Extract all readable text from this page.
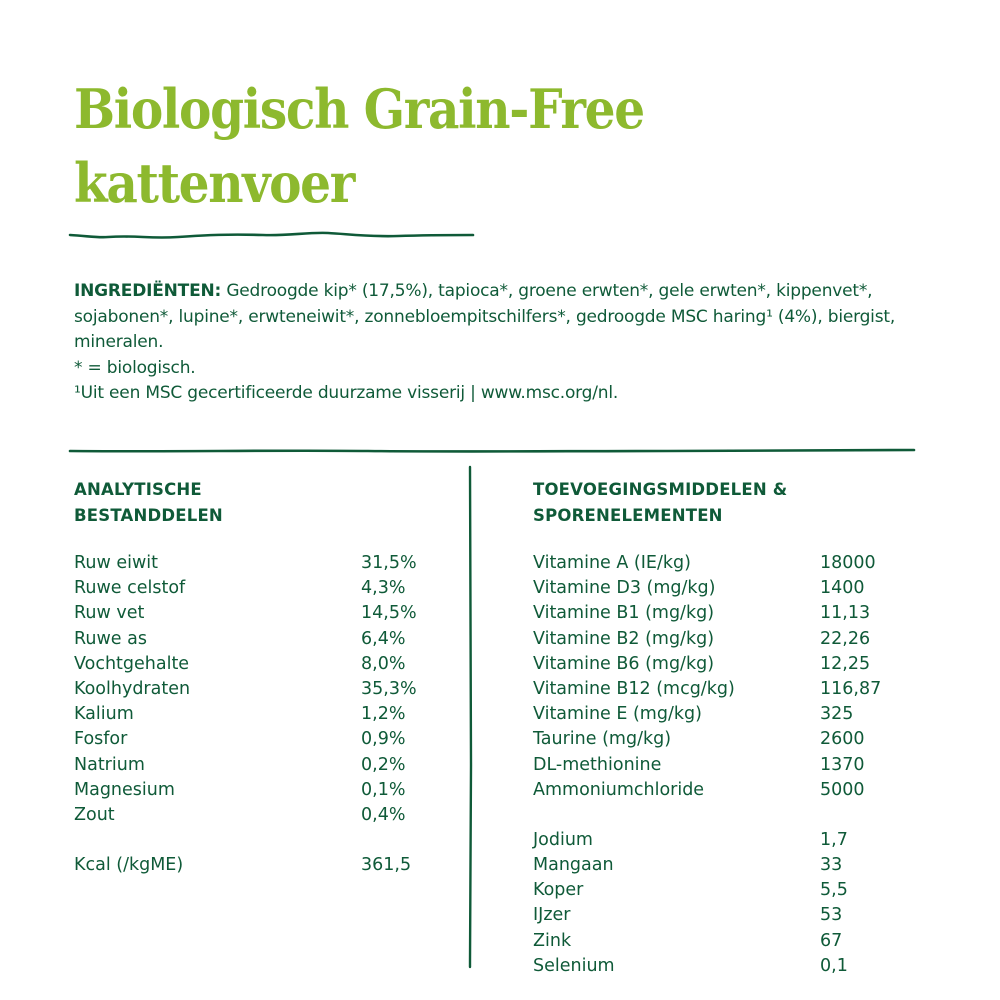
Biologisch Grain-Free
kattenvoer

INGREDIËNTEN: Gedroogde kip* (17,5%), tapioca*, groene erwten*, gele erwten*, kippenvet*, sojabonen*, lupine*, erwteneiwit*, zonnebloempitschilfers*, gedroogde MSC haring¹ (4%), biergist, mineralen.

* = biologisch.

¹Uit een MSC gecertificeerde duurzame visserij | www.msc.org/nl.

ANALYTISCHE
BESTANDDELEN
TOEVOEGINGSMIDDELEN &
SPORENELEMENTEN
Ruw eiwit	31,5%
Ruwe celstof	4,3%
Ruw vet	14,5%
Ruwe as	6,4%
Vochtgehalte	8,0%
Koolhydraten	35,3%
Kalium	1,2%
Fosfor	0,9%
Natrium	0,2%
Magnesium	0,1%
Zout	0,4%
Kcal (/kgME)	361,5
Vitamine A (IE/kg)	18000
Vitamine D3 (mg/kg)	1400
Vitamine B1 (mg/kg)	11,13
Vitamine B2 (mg/kg)	22,26
Vitamine B6 (mg/kg)	12,25
Vitamine B12 (mcg/kg)	116,87
Vitamine E (mg/kg)	325
Taurine (mg/kg)	2600
DL-methionine	1370
Ammoniumchloride	5000
Jodium	1,7
Mangaan	33
Koper	5,5
IJzer	53
Zink	67
Selenium	0,1
